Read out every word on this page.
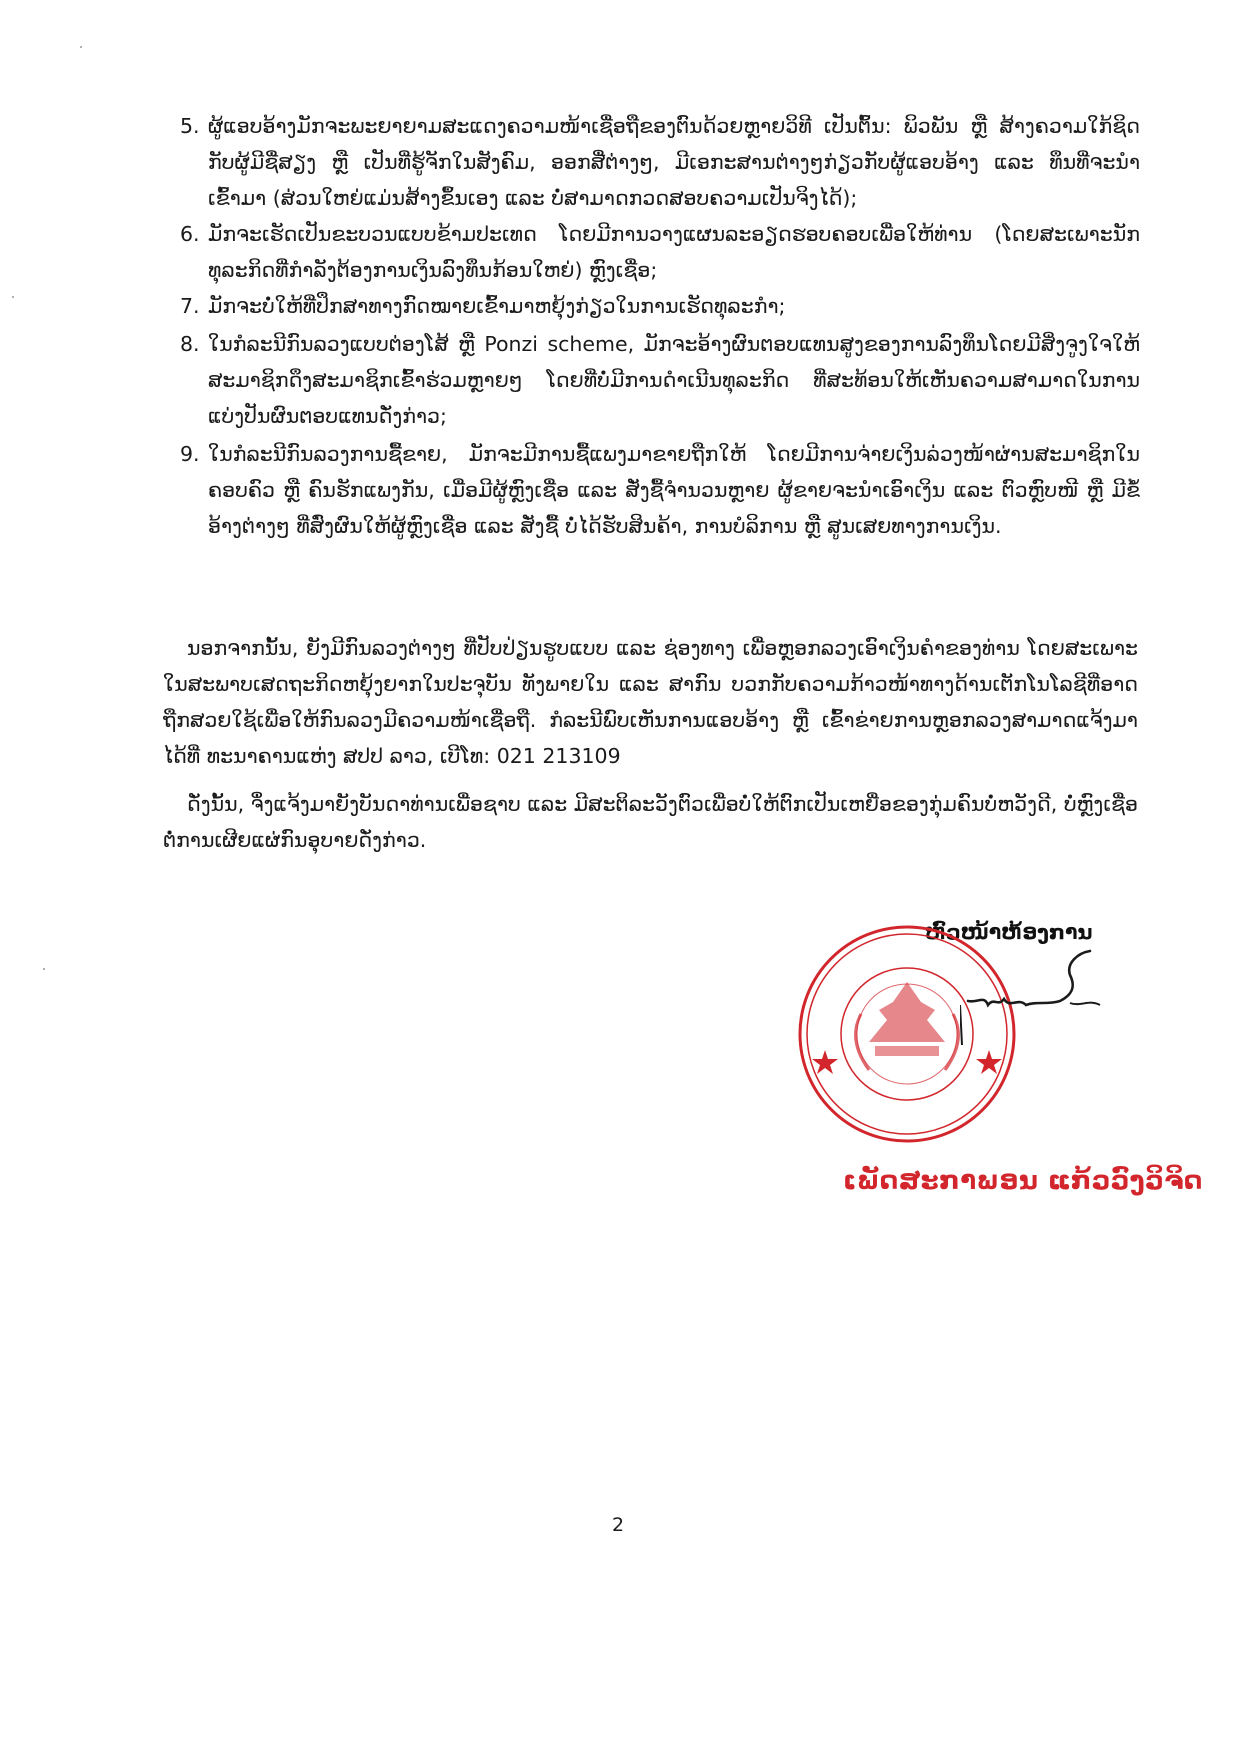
5. ຜູ້ແອບອ້າງມັກຈະພະຍາຍາມສະແດງຄວາມໜ້າເຊື່ອຖືຂອງຕົນດ້ວຍຫຼາຍວິທີ ເປັນຕົ້ນ: ພິວພັນ ຫຼື ສ້າງຄວາມໃກ້ຊິດກັບຜູ້ມີຊື່ສຽງ ຫຼື ເປັນທີ່ຮູ້ຈັກໃນສັງຄົມ, ອອກສື່ຕ່າງໆ, ມີເອກະສານຕ່າງໆກ່ຽວກັບຜູ້ແອບອ້າງ ແລະ ທຶນທີ່ຈະນໍາເຂົ້າມາ (ສ່ວນໃຫຍ່ແມ່ນສ້າງຂຶ້ນເອງ ແລະ ບໍ່ສາມາດກວດສອບຄວາມເປັນຈິງໄດ້);
6. ມັກຈະເຮັດເປັນຂະບວນແບບຂ້າມປະເທດ ໂດຍມີການວາງແຜນລະອຽດຮອບຄອບເພື່ອໃຫ້ທ່ານ (ໂດຍສະເພາະນັກທຸລະກິດທີ່ກໍາລັງຕ້ອງການເງິນລົງທຶນກ້ອນໃຫຍ່) ຫຼົງເຊື່ອ;
7. ມັກຈະບໍ່ໃຫ້ທີ່ປຶກສາທາງກົດໝາຍເຂົ້າມາຫຍຸ້ງກ່ຽວໃນການເຮັດທຸລະກໍາ;
8. ໃນກໍລະນີກົນລວງແບບຕ່ອງໂສ້ ຫຼື Ponzi scheme, ມັກຈະອ້າງຜົນຕອບແທນສູງຂອງການລົງທຶນໂດຍມີສິ່ງຈູງໃຈໃຫ້ສະມາຊິກດຶງສະມາຊິກເຂົ້າຮ່ວມຫຼາຍໆ ໂດຍທີ່ບໍ່ມີການດໍາເນີນທຸລະກິດ ທີ່ສະທ້ອນໃຫ້ເຫັນຄວາມສາມາດໃນການແບ່ງປັນຜົນຕອບແທນດັ່ງກ່າວ;
9. ໃນກໍລະນີກົນລວງການຊື້ຂາຍ, ມັກຈະມີການຊື້ແພງມາຂາຍຖືກໃຫ້ ໂດຍມີການຈ່າຍເງິນລ່ວງໜ້າຜ່ານສະມາຊິກໃນຄອບຄົວ ຫຼື ຄົນຮັກແພງກັນ, ເມື່ອມີຜູ້ຫຼົງເຊື່ອ ແລະ ສັ່ງຊື້ຈໍານວນຫຼາຍ ຜູ້ຂາຍຈະນໍາເອົາເງິນ ແລະ ຕົວຫຼົບໜີ ຫຼື ມີຂໍ້ອ້າງຕ່າງໆ ທີ່ສົ່ງຜົນໃຫ້ຜູ້ຫຼົງເຊື່ອ ແລະ ສັ່ງຊື້ ບໍ່ໄດ້ຮັບສິນຄ້າ, ການບໍລິການ ຫຼື ສູນເສຍທາງການເງິນ.
ນອກຈາກນັ້ນ, ຍັງມີກົນລວງຕ່າງໆ ທີ່ປັບປ່ຽນຮູບແບບ ແລະ ຊ່ອງທາງ ເພື່ອຫຼອກລວງເອົາເງິນຄໍາຂອງທ່ານ ໂດຍສະເພາະໃນສະພາບເສດຖະກິດຫຍຸ້ງຍາກໃນປະຈຸບັນ ທັງພາຍໃນ ແລະ ສາກົນ ບວກກັບຄວາມກ້າວໜ້າທາງດ້ານເຕັກໂນໂລຊີທີ່ອາດຖືກສວຍໃຊ້ເພື່ອໃຫ້ກົນລວງມີຄວາມໜ້າເຊື່ອຖື. ກໍລະນີພົບເຫັນການແອບອ້າງ ຫຼື ເຂົ້າຂ່າຍການຫຼອກລວງສາມາດແຈ້ງມາໄດ້ທີ່ ທະນາຄານແຫ່ງ ສປປ ລາວ, ເບີໂທ: 021 213109
ດັ່ງນັ້ນ, ຈຶ່ງແຈ້ງມາຍັງບັນດາທ່ານເພື່ອຊາບ ແລະ ມີສະຕິລະວັງຕົວເພື່ອບໍ່ໃຫ້ຕົກເປັນເຫຍື່ອຂອງກຸ່ມຄົນບໍ່ຫວັງດີ, ບໍ່ຫຼົງເຊື່ອຕໍ່ການເຜີຍແຜ່ກົນອຸບາຍດັ່ງກ່າວ.
ຫົວໜ້າຫ້ອງການ
ເພັດສະກາພອນ ແກ້ວວົງວິຈິດ
2
